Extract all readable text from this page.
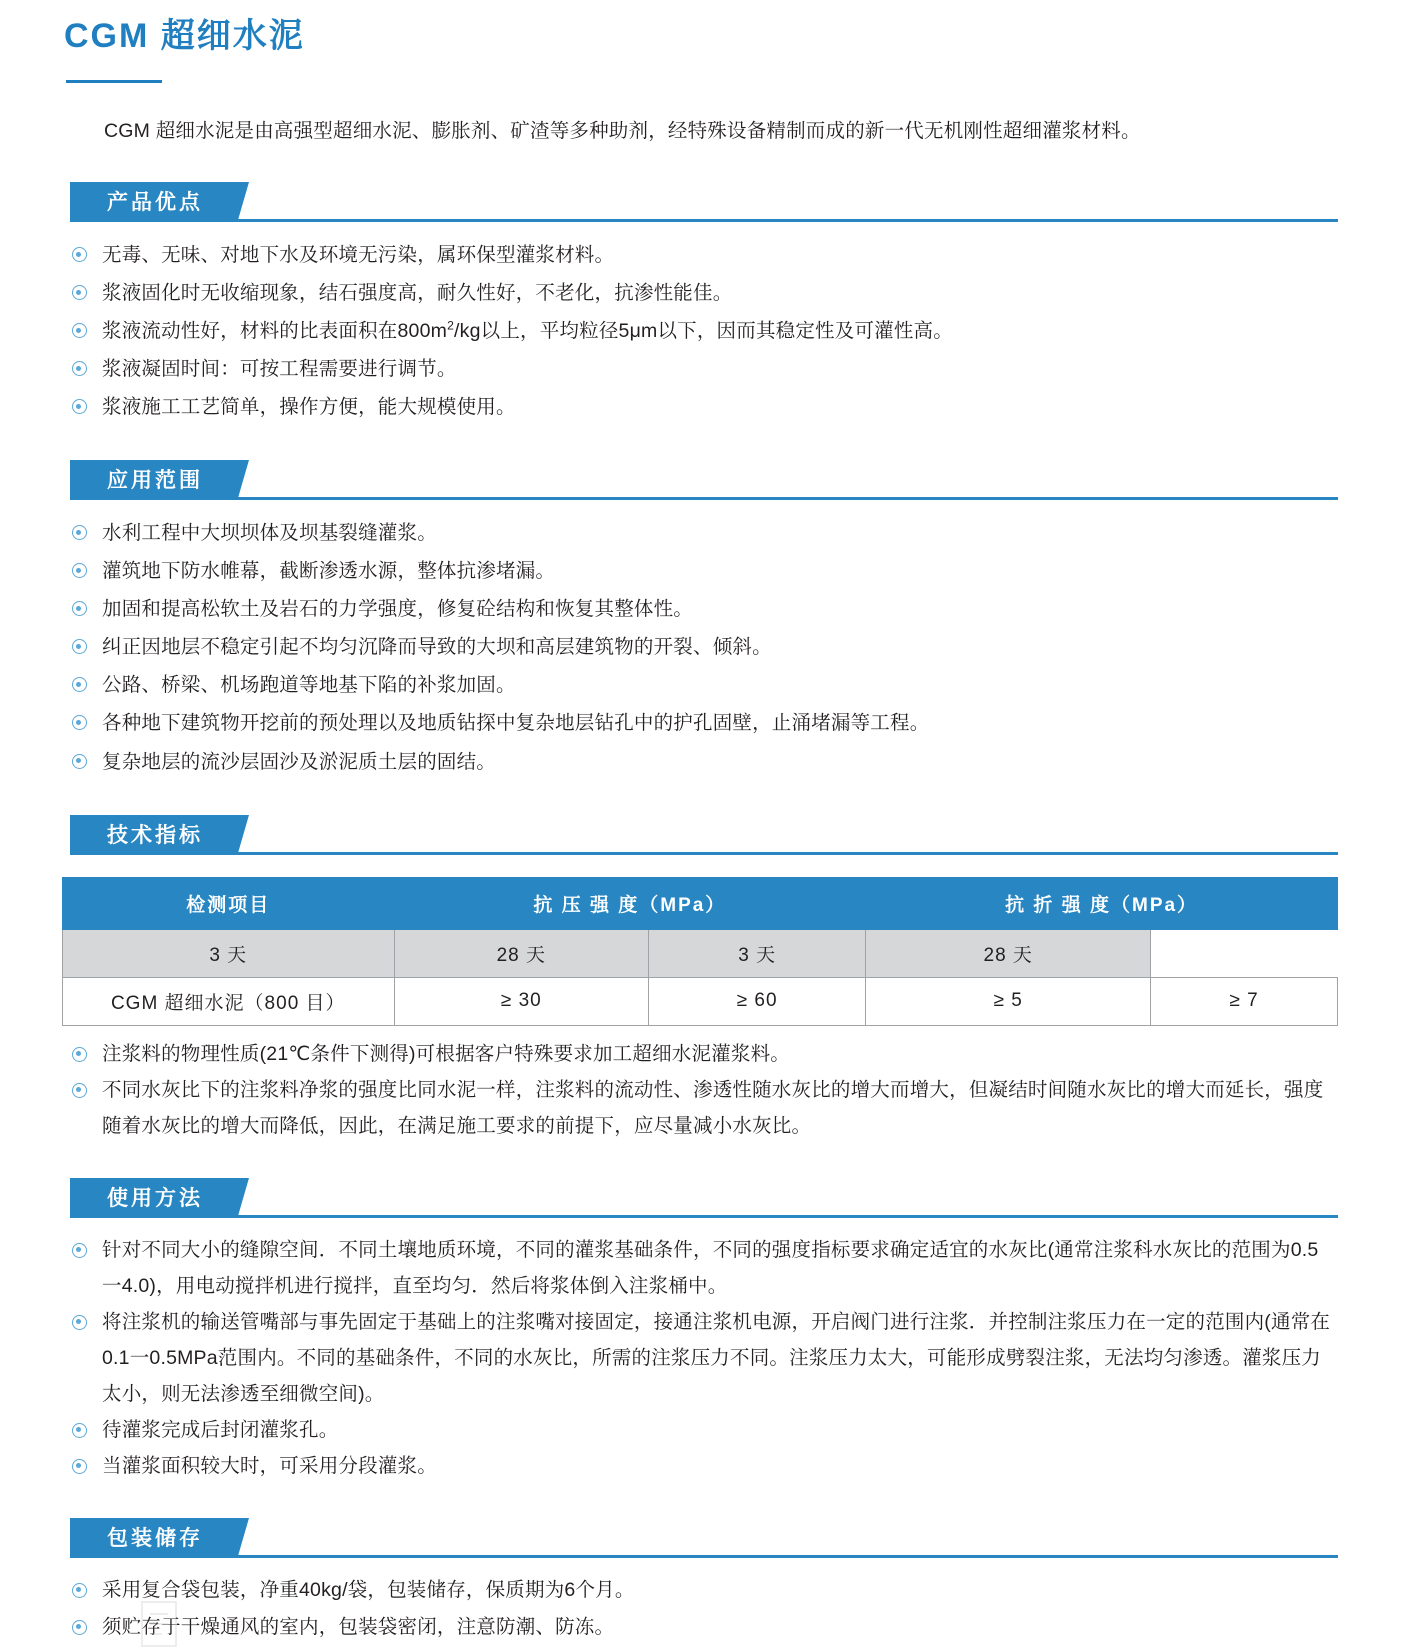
CGM 超细水泥

CGM 超细水泥是由高强型超细水泥、膨胀剂、矿渣等多种助剂，经特殊设备精制而成的新一代无机刚性超细灌浆材料。

产品优点
无毒、无味、对地下水及环境无污染，属环保型灌浆材料。
浆液固化时无收缩现象，结石强度高，耐久性好，不老化，抗渗性能佳。
浆液流动性好，材料的比表面积在$800m^2/kg$以上，平均粒径5μm以下，因而其稳定性及可灌性高。
浆液凝固时间：可按工程需要进行调节。
浆液施工工艺简单，操作方便，能大规模使用。
应用范围
水利工程中大坝坝体及坝基裂缝灌浆。
灌筑地下防水帷幕，截断渗透水源，整体抗渗堵漏。
加固和提高松软土及岩石的力学强度，修复砼结构和恢复其整体性。
纠正因地层不稳定引起不均匀沉降而导致的大坝和高层建筑物的开裂、倾斜。
公路、桥梁、机场跑道等地基下陷的补浆加固。
各种地下建筑物开挖前的预处理以及地质钻探中复杂地层钻孔中的护孔固壁，止涌堵漏等工程。
复杂地层的流沙层固沙及淤泥质土层的固结。
技术指标
检测项目	抗 压 强 度（MPa）		抗 折 强 度（MPa）	
3 天	28 天	3 天	28 天	
CGM 超细水泥（800 目）	≥ 30	≥ 60	≥ 5	≥ 7
注浆料的物理性质(21℃条件下测得)可根据客户特殊要求加工超细水泥灌浆料。
不同水灰比下的注浆料净浆的强度比同水泥一样，注浆料的流动性、渗透性随水灰比的增大而增大，但凝结时间随水灰比的增大而延长，强度随着水灰比的增大而降低，因此，在满足施工要求的前提下，应尽量减小水灰比。
使用方法
针对不同大小的缝隙空间．不同土壤地质环境，不同的灌浆基础条件，不同的强度指标要求确定适宜的水灰比(通常注浆科水灰比的范围为0.5一4.0)，用电动搅拌机进行搅拌，直至均匀．然后将浆体倒入注浆桶中。
将注浆机的输送管嘴部与事先固定于基础上的注浆嘴对接固定，接通注浆机电源，开启阀门进行注浆．并控制注浆压力在一定的范围内(通常在0.1一0.5MPa范围内。不同的基础条件，不同的水灰比，所需的注浆压力不同。注浆压力太大，可能形成劈裂注浆，无法均匀渗透。灌浆压力太小，则无法渗透至细微空间)。
待灌浆完成后封闭灌浆孔。
当灌浆面积较大时，可采用分段灌浆。
包装储存
采用复合袋包装，净重40kg/袋，包装储存，保质期为6个月。
须贮存于干燥通风的室内，包装袋密闭，注意防潮、防冻。
